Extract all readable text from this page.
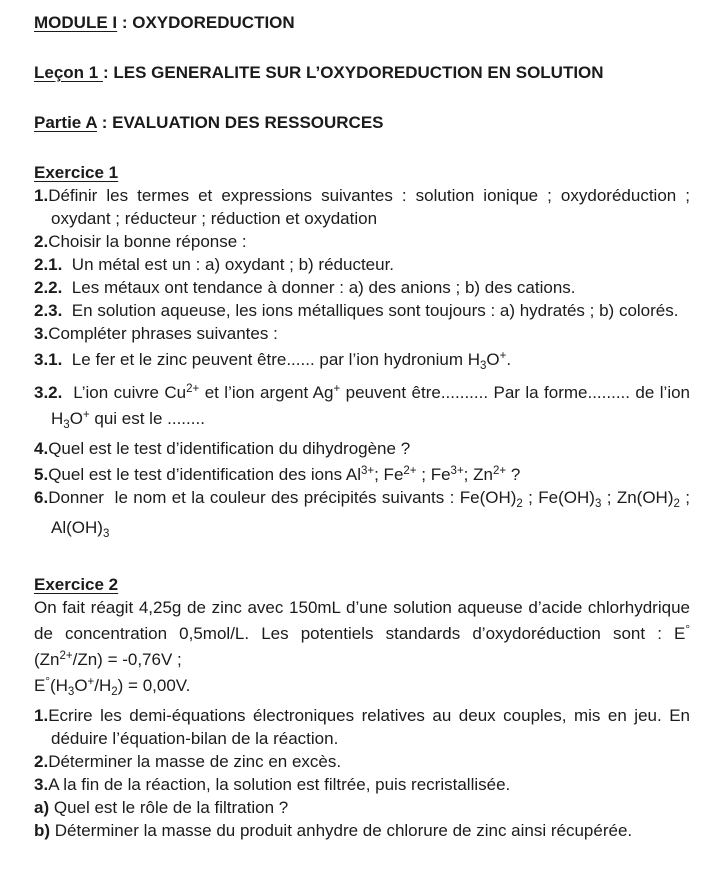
MODULE I : OXYDOREDUCTION

Leçon 1 : LES GENERALITE SUR L’OXYDOREDUCTION EN SOLUTION

Partie A : EVALUATION DES RESSOURCES

Exercice 1

1.Définir les termes et expressions suivantes : solution ionique ; oxydoréduction ; oxydant ; réducteur ; réduction et oxydation

2.Choisir la bonne réponse :

2.1.  Un métal est un : a) oxydant ; b) réducteur.

2.2.  Les métaux ont tendance à donner : a) des anions ; b) des cations.

2.3.  En solution aqueuse, les ions métalliques sont toujours : a) hydratés ; b) colorés.

3.Compléter phrases suivantes :

3.1.  Le fer et le zinc peuvent être...... par l’ion hydronium $H_3O^+$.

3.2.  L’ion cuivre $Cu^{2+}$ et l’ion argent Ag+ peuvent être.......... Par la forme......... de l’ion $H_3O^+$ qui est le ........

4.Quel est le test d’identification du dihydrogène ?

5.Quel est le test d’identification des ions $Al^{3+}$; $Fe^{2+}$ ; $Fe^{3+}$; $Zn^{2+}$ ?

6.Donner  le nom et la couleur des précipités suivants : $Fe(OH)_2$ ; $Fe(OH)_3$ ; $Zn(OH)_2$ ; $Al(OH)_3$

Exercice 2

On fait réagit 4,25g de zinc avec 150mL d’une solution aqueuse d’acide chlorhydrique de concentration 0,5mol/L. Les potentiels standards d’oxydoréduction sont : $E^\circ(Zn^{2+}/Zn) = -0,76V$ ;

$E^\circ(H_3O^+/H_2) = 0,00V$.

1.Ecrire les demi-équations électroniques relatives au deux couples, mis en jeu. En déduire l’équation-bilan de la réaction.

2.Déterminer la masse de zinc en excès.

3.A la fin de la réaction, la solution est filtrée, puis recristallisée.

a) Quel est le rôle de la filtration ?

b) Déterminer la masse du produit anhydre de chlorure de zinc ainsi récupérée.
